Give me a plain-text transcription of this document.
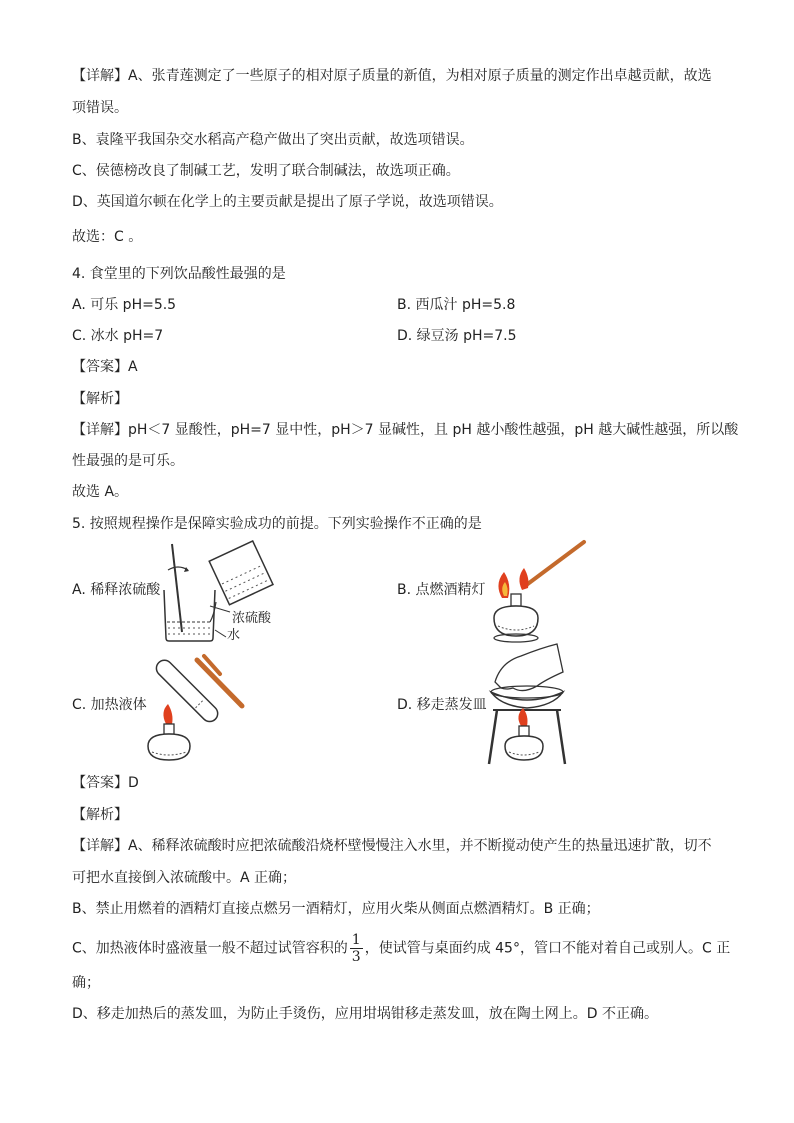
【详解】A、张青莲测定了一些原子的相对原子质量的新值，为相对原子质量的测定作出卓越贡献，故选
项错误。
B、袁隆平我国杂交水稻高产稳产做出了突出贡献，故选项错误。
C、侯德榜改良了制碱工艺，发明了联合制碱法，故选项正确。
D、英国道尔顿在化学上的主要贡献是提出了原子学说，故选项错误。
故选：C 。
4. 食堂里的下列饮品酸性最强的是
A. 可乐 pH=5.5	B. 西瓜汁 pH=5.8
C. 冰水 pH=7	D. 绿豆汤 pH=7.5
【答案】A
【解析】
【详解】pH＜7 显酸性，pH=7 显中性，pH＞7 显碱性，且 pH 越小酸性越强，pH 越大碱性越强，所以酸
性最强的是可乐。
故选 A。
5. 按照规程操作是保障实验成功的前提。下列实验操作不正确的是
A. 稀释浓硫酸	B. 点燃酒精灯
C. 加热液体	D. 移走蒸发皿
浓硫酸
水
【答案】D
【解析】
【详解】A、稀释浓硫酸时应把浓硫酸沿烧杯壁慢慢注入水里，并不断搅动使产生的热量迅速扩散，切不
可把水直接倒入浓硫酸中。A 正确；
B、禁止用燃着的酒精灯直接点燃另一酒精灯，应用火柴从侧面点燃酒精灯。B 正确；
C、加热液体时盛液量一般不超过试管容积的 $\frac{1}{3}$ ，使试管与桌面约成 45°，管口不能对着自己或别人。C 正
确；
D、移走加热后的蒸发皿，为防止手烫伤，应用坩埚钳移走蒸发皿，放在陶土网上。D 不正确。
